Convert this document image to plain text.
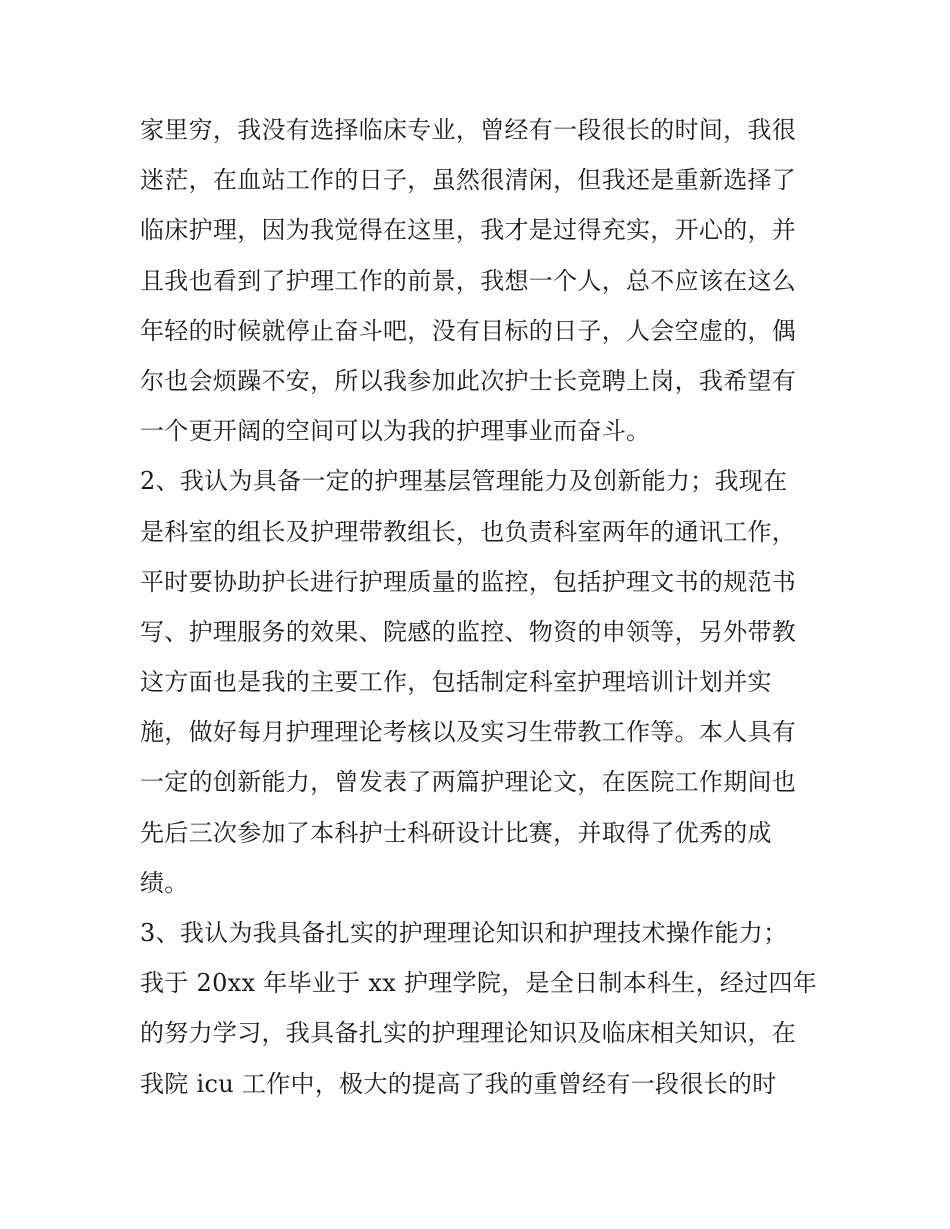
家里穷，我没有选择临床专业，曾经有一段很长的时间，我很
迷茫，在血站工作的日子，虽然很清闲，但我还是重新选择了
临床护理，因为我觉得在这里，我才是过得充实，开心的，并
且我也看到了护理工作的前景，我想一个人，总不应该在这么
年轻的时候就停止奋斗吧，没有目标的日子，人会空虚的，偶
尔也会烦躁不安，所以我参加此次护士长竞聘上岗，我希望有
一个更开阔的空间可以为我的护理事业而奋斗。
2、我认为具备一定的护理基层管理能力及创新能力；我现在
是科室的组长及护理带教组长，也负责科室两年的通讯工作，
平时要协助护长进行护理质量的监控，包括护理文书的规范书
写、护理服务的效果、院感的监控、物资的申领等，另外带教
这方面也是我的主要工作，包括制定科室护理培训计划并实
施，做好每月护理理论考核以及实习生带教工作等。本人具有
一定的创新能力，曾发表了两篇护理论文，在医院工作期间也
先后三次参加了本科护士科研设计比赛，并取得了优秀的成
绩。
3、我认为我具备扎实的护理理论知识和护理技术操作能力；
我于 20xx 年毕业于 xx 护理学院，是全日制本科生，经过四年
的努力学习，我具备扎实的护理理论知识及临床相关知识，在
我院 icu 工作中，极大的提高了我的重曾经有一段很长的时
